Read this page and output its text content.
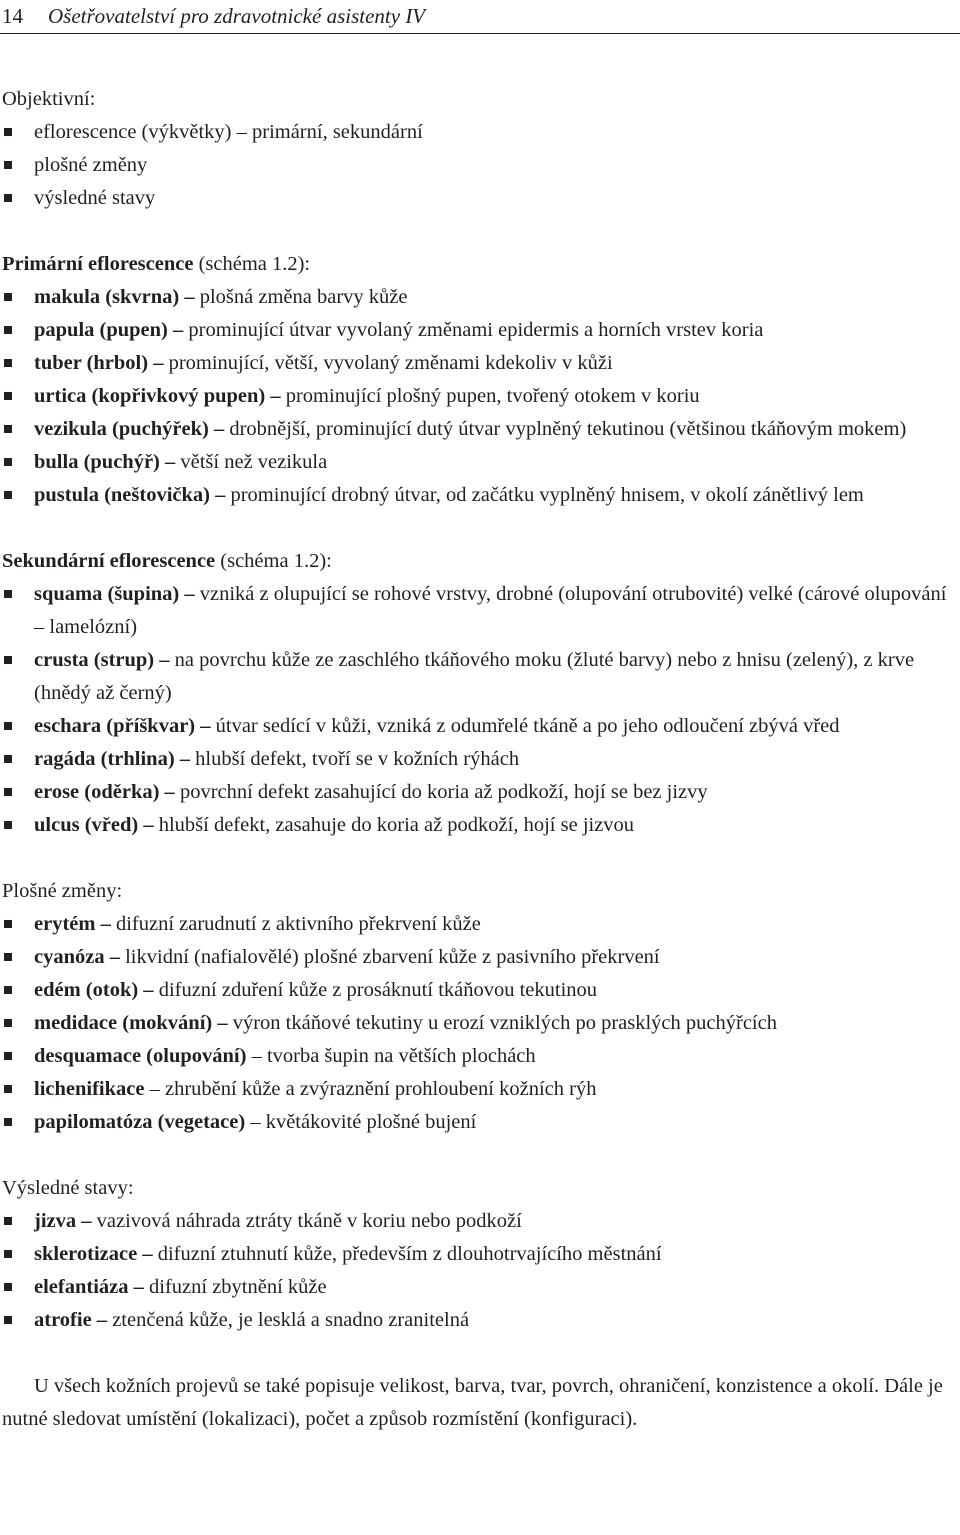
14	Ošetřovatelství pro zdravotnické asistenty IV
Objektivní:
eflorescence (výkvětky) – primární, sekundární
plošné změny
výsledné stavy
Primární eflorescence (schéma 1.2):
makula (skvrna) – plošná změna barvy kůže
papula (pupen) – prominující útvar vyvolaný změnami epidermis a horních vrstev koria
tuber (hrbol) – prominující, větší, vyvolaný změnami kdekoliv v kůži
urtica (kopřivkový pupen) – prominující plošný pupen, tvořený otokem v koriu
vezikula (puchýřek) – drobnější, prominující dutý útvar vyplněný tekutinou (většinou tkáňovým mokem)
bulla (puchýř) – větší než vezikula
pustula (neštovička) – prominující drobný útvar, od začátku vyplněný hnisem, v okolí zánětlivý lem
Sekundární eflorescence (schéma 1.2):
squama (šupina) – vzniká z olupující se rohové vrstvy, drobné (olupování otrubovité) velké (cárové olupování – lamelózní)
crusta (strup) – na povrchu kůže ze zaschlého tkáňového moku (žluté barvy) nebo z hnisu (zelený), z krve (hnědý až černý)
eschara (příškvar) – útvar sedící v kůži, vzniká z odumřelé tkáně a po jeho odloučení zbývá vřed
ragáda (trhlina) – hlubší defekt, tvoří se v kožních rýhách
erose (oděrka) – povrchní defekt zasahující do koria až podkoží, hojí se bez jizvy
ulcus (vřed) – hlubší defekt, zasahuje do koria až podkoží, hojí se jizvou
Plošné změny:
erytém – difuzní zarudnutí z aktivního překrvení kůže
cyanóza – likvidní (nafialovělé) plošné zbarvení kůže z pasivního překrvení
edém (otok) – difuzní zduření kůže z prosáknutí tkáňovou tekutinou
medidace (mokvání) – výron tkáňové tekutiny u erozí vzniklých po prasklých puchýřcích
desquamace (olupování) – tvorba šupin na větších plochách
lichenifikace – zhrubění kůže a zvýraznění prohloubení kožních rýh
papilomatóza (vegetace) – květákovité plošné bujení
Výsledné stavy:
jizva – vazivová náhrada ztráty tkáně v koriu nebo podkoží
sklerotizace – difuzní ztuhnutí kůže, především z dlouhotrvajícího městnání
elefantiáza – difuzní zbytnění kůže
atrofie – ztenčená kůže, je lesklá a snadno zranitelná

U všech kožních projevů se také popisuje velikost, barva, tvar, povrch, ohraničení, konzistence a okolí. Dále je nutné sledovat umístění (lokalizaci), počet a způsob rozmístění (konfiguraci).
